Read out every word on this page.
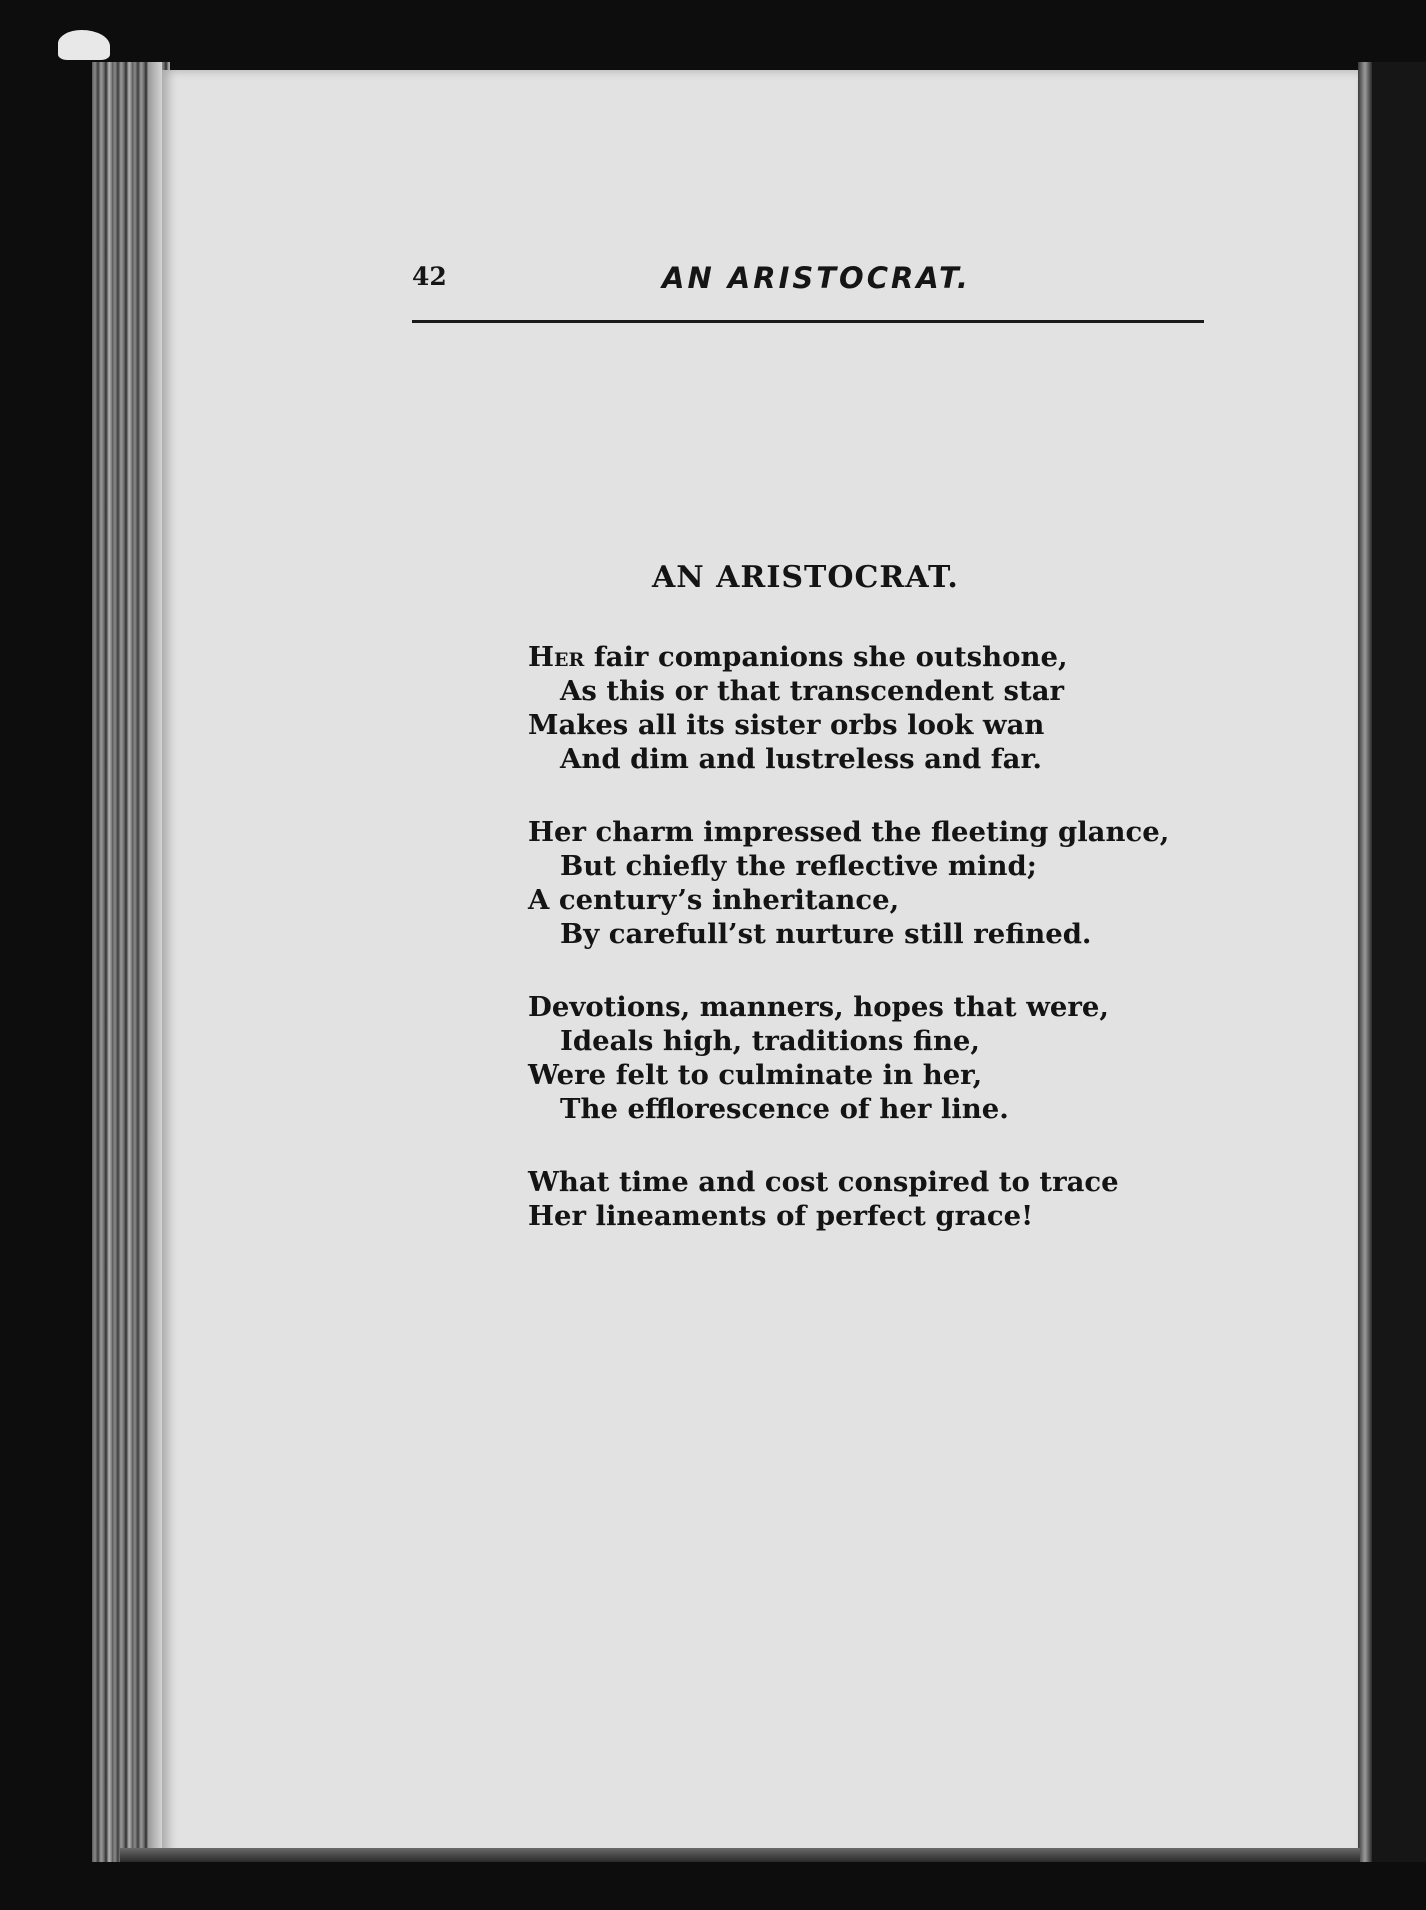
42	AN ARISTOCRAT.
AN ARISTOCRAT.
Her fair companions she outshone,
As this or that transcendent star
Makes all its sister orbs look wan
And dim and lustreless and far.
Her charm impressed the fleeting glance,
But chiefly the reflective mind;
A century’s inheritance,
By carefull’st nurture still refined.
Devotions, manners, hopes that were,
Ideals high, traditions fine,
Were felt to culminate in her,
The efflorescence of her line.
What time and cost conspired to trace
Her lineaments of perfect grace!
